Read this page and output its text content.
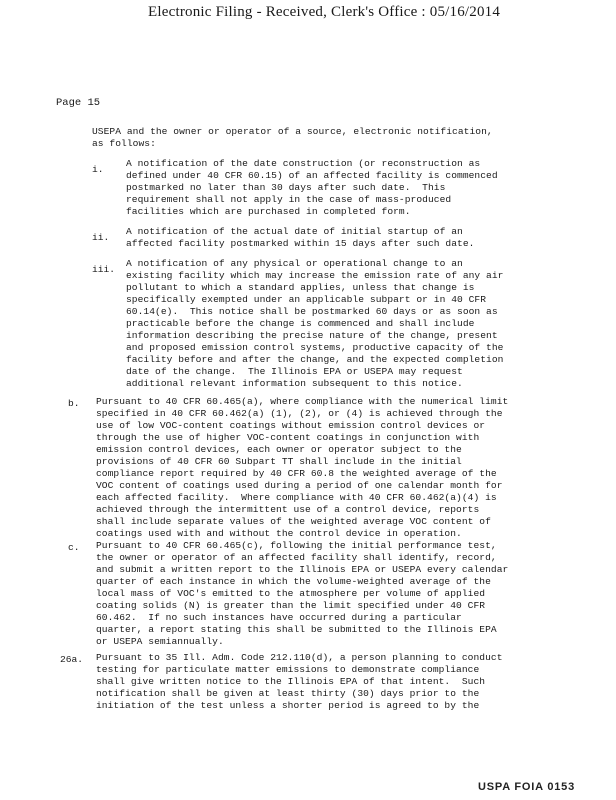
Electronic Filing - Received, Clerk's Office : 05/16/2014
Page 15
USEPA and the owner or operator of a source, electronic notification,
as follows:
i.
A notification of the date construction (or reconstruction as
defined under 40 CFR 60.15) of an affected facility is commenced
postmarked no later than 30 days after such date.  This
requirement shall not apply in the case of mass-produced
facilities which are purchased in completed form.
ii.
A notification of the actual date of initial startup of an
affected facility postmarked within 15 days after such date.
iii.
A notification of any physical or operational change to an
existing facility which may increase the emission rate of any air
pollutant to which a standard applies, unless that change is
specifically exempted under an applicable subpart or in 40 CFR
60.14(e).  This notice shall be postmarked 60 days or as soon as
practicable before the change is commenced and shall include
information describing the precise nature of the change, present
and proposed emission control systems, productive capacity of the
facility before and after the change, and the expected completion
date of the change.  The Illinois EPA or USEPA may request
additional relevant information subsequent to this notice.
b. Pursuant to 40 CFR 60.465(a), where compliance with the numerical limit
specified in 40 CFR 60.462(a) (1), (2), or (4) is achieved through the
use of low VOC-content coatings without emission control devices or
through the use of higher VOC-content coatings in conjunction with
emission control devices, each owner or operator subject to the
provisions of 40 CFR 60 Subpart TT shall include in the initial
compliance report required by 40 CFR 60.8 the weighted average of the
VOC content of coatings used during a period of one calendar month for
each affected facility.  Where compliance with 40 CFR 60.462(a)(4) is
achieved through the intermittent use of a control device, reports
shall include separate values of the weighted average VOC content of
coatings used with and without the control device in operation.
c. Pursuant to 40 CFR 60.465(c), following the initial performance test,
the owner or operator of an affected facility shall identify, record,
and submit a written report to the Illinois EPA or USEPA every calendar
quarter of each instance in which the volume-weighted average of the
local mass of VOC's emitted to the atmosphere per volume of applied
coating solids (N) is greater than the limit specified under 40 CFR
60.462.  If no such instances have occurred during a particular
quarter, a report stating this shall be submitted to the Illinois EPA
or USEPA semiannually.
26a. Pursuant to 35 Ill. Adm. Code 212.110(d), a person planning to conduct
testing for particulate matter emissions to demonstrate compliance
shall give written notice to the Illinois EPA of that intent.  Such
notification shall be given at least thirty (30) days prior to the
initiation of the test unless a shorter period is agreed to by the
USPA FOIA 0153
